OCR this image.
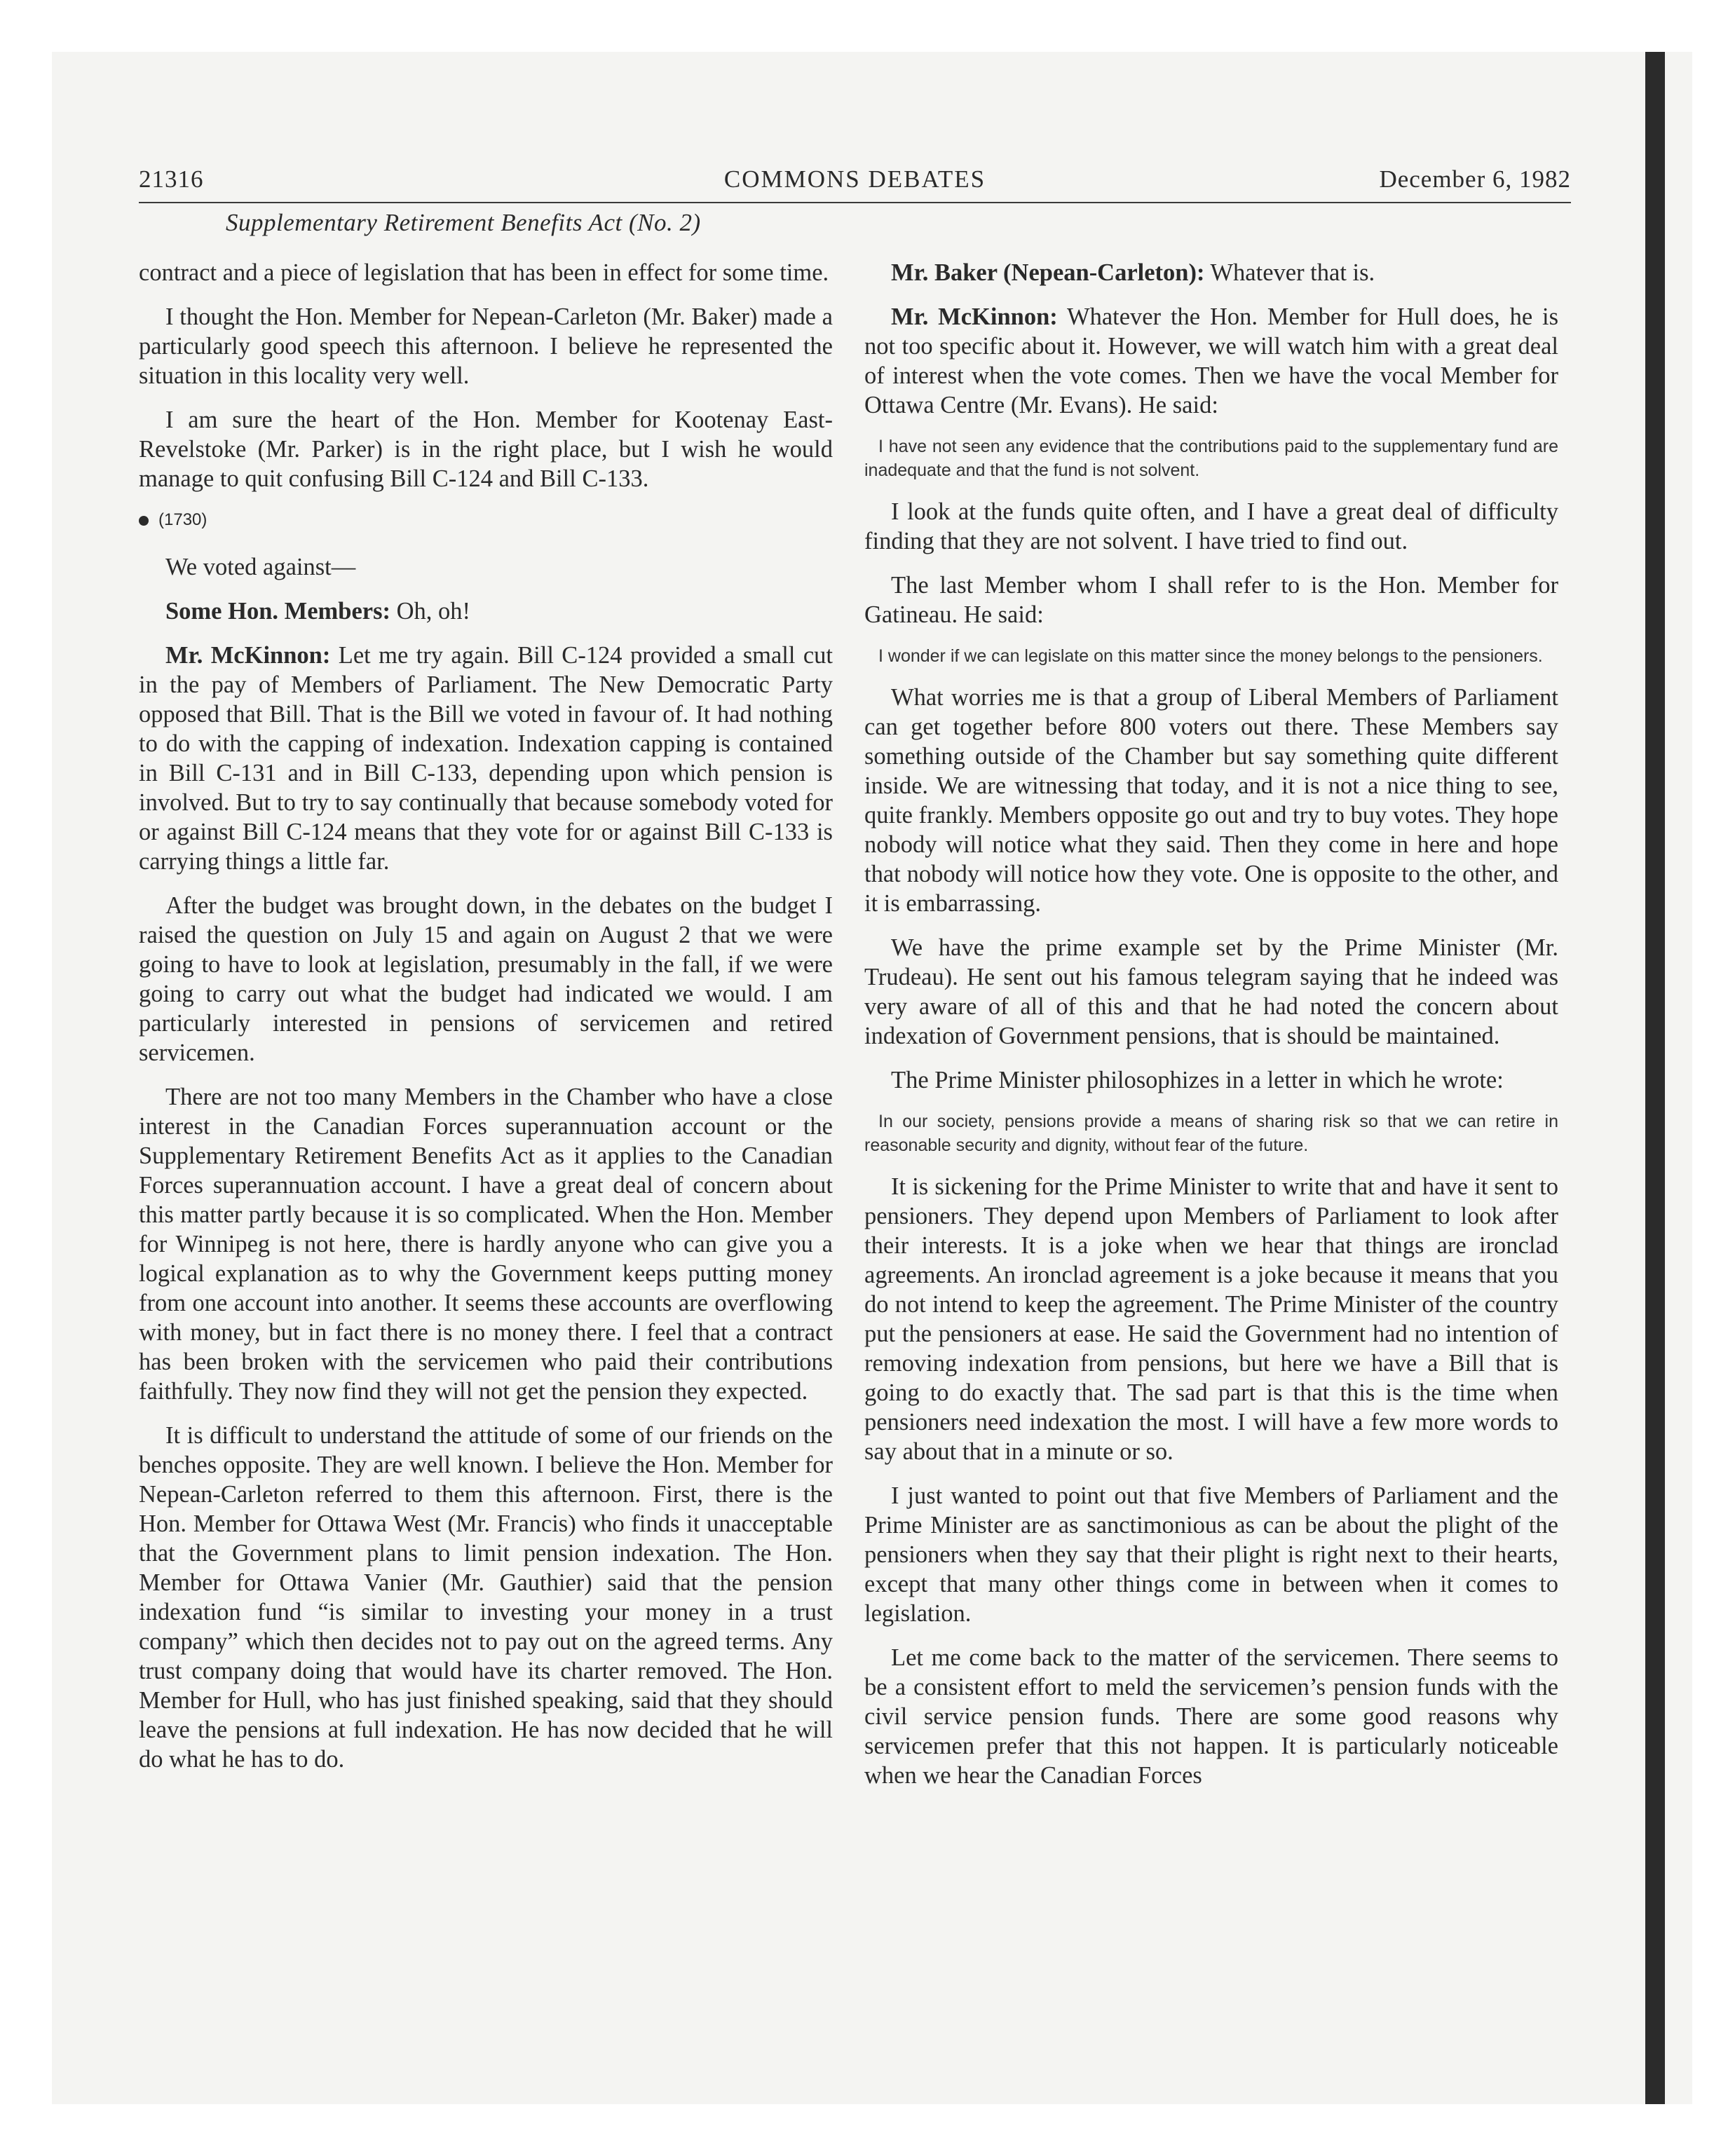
COMMONS DEBATES
21316	December 6, 1982
Supplementary Retirement Benefits Act (No. 2)

contract and a piece of legislation that has been in effect for some time.

I thought the Hon. Member for Nepean-Carleton (Mr. Baker) made a particularly good speech this afternoon. I believe he represented the situation in this locality very well.

I am sure the heart of the Hon. Member for Kootenay East-Revelstoke (Mr. Parker) is in the right place, but I wish he would manage to quit confusing Bill C-124 and Bill C-133.

(1730)

We voted against—

Some Hon. Members: Oh, oh!

Mr. McKinnon: Let me try again. Bill C-124 provided a small cut in the pay of Members of Parliament. The New Democratic Party opposed that Bill. That is the Bill we voted in favour of. It had nothing to do with the capping of indexation. Indexation capping is contained in Bill C-131 and in Bill C-133, depending upon which pension is involved. But to try to say continually that because somebody voted for or against Bill C-124 means that they vote for or against Bill C-133 is carrying things a little far.

After the budget was brought down, in the debates on the budget I raised the question on July 15 and again on August 2 that we were going to have to look at legislation, presumably in the fall, if we were going to carry out what the budget had indicated we would. I am particularly interested in pensions of servicemen and retired servicemen.

There are not too many Members in the Chamber who have a close interest in the Canadian Forces superannuation account or the Supplementary Retirement Benefits Act as it applies to the Canadian Forces superannuation account. I have a great deal of concern about this matter partly because it is so complicated. When the Hon. Member for Winnipeg is not here, there is hardly anyone who can give you a logical explanation as to why the Government keeps putting money from one account into another. It seems these accounts are overflowing with money, but in fact there is no money there. I feel that a contract has been broken with the servicemen who paid their contributions faithfully. They now find they will not get the pension they expected.

It is difficult to understand the attitude of some of our friends on the benches opposite. They are well known. I believe the Hon. Member for Nepean-Carleton referred to them this afternoon. First, there is the Hon. Member for Ottawa West (Mr. Francis) who finds it unacceptable that the Government plans to limit pension indexation. The Hon. Member for Ottawa Vanier (Mr. Gauthier) said that the pension indexation fund “is similar to investing your money in a trust company” which then decides not to pay out on the agreed terms. Any trust company doing that would have its charter removed. The Hon. Member for Hull, who has just finished speaking, said that they should leave the pensions at full indexation. He has now decided that he will do what he has to do.

Mr. Baker (Nepean-Carleton): Whatever that is.

Mr. McKinnon: Whatever the Hon. Member for Hull does, he is not too specific about it. However, we will watch him with a great deal of interest when the vote comes. Then we have the vocal Member for Ottawa Centre (Mr. Evans). He said:

I have not seen any evidence that the contributions paid to the supplementary fund are inadequate and that the fund is not solvent.

I look at the funds quite often, and I have a great deal of difficulty finding that they are not solvent. I have tried to find out.

The last Member whom I shall refer to is the Hon. Member for Gatineau. He said:

I wonder if we can legislate on this matter since the money belongs to the pensioners.

What worries me is that a group of Liberal Members of Parliament can get together before 800 voters out there. These Members say something outside of the Chamber but say something quite different inside. We are witnessing that today, and it is not a nice thing to see, quite frankly. Members opposite go out and try to buy votes. They hope nobody will notice what they said. Then they come in here and hope that nobody will notice how they vote. One is opposite to the other, and it is embarrassing.

We have the prime example set by the Prime Minister (Mr. Trudeau). He sent out his famous telegram saying that he indeed was very aware of all of this and that he had noted the concern about indexation of Government pensions, that is should be maintained.

The Prime Minister philosophizes in a letter in which he wrote:

In our society, pensions provide a means of sharing risk so that we can retire in reasonable security and dignity, without fear of the future.

It is sickening for the Prime Minister to write that and have it sent to pensioners. They depend upon Members of Parliament to look after their interests. It is a joke when we hear that things are ironclad agreements. An ironclad agreement is a joke because it means that you do not intend to keep the agreement. The Prime Minister of the country put the pensioners at ease. He said the Government had no intention of removing indexation from pensions, but here we have a Bill that is going to do exactly that. The sad part is that this is the time when pensioners need indexation the most. I will have a few more words to say about that in a minute or so.

I just wanted to point out that five Members of Parliament and the Prime Minister are as sanctimonious as can be about the plight of the pensioners when they say that their plight is right next to their hearts, except that many other things come in between when it comes to legislation.

Let me come back to the matter of the servicemen. There seems to be a consistent effort to meld the servicemen’s pension funds with the civil service pension funds. There are some good reasons why servicemen prefer that this not happen. It is particularly noticeable when we hear the Canadian Forces
